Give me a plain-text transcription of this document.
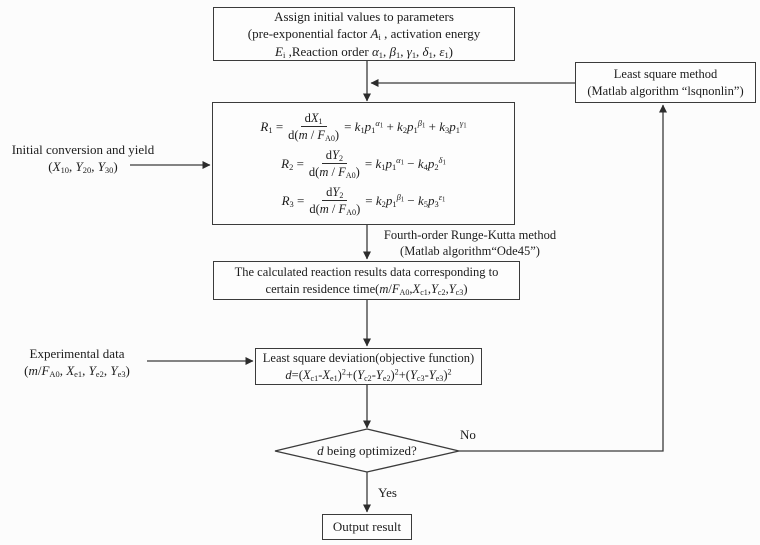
Assign initial values to parameters
(pre-exponential factor $A_i$ , activation energy
$E_i$ ,Reaction order $\alpha_1$, $\beta_1$, $\gamma_1$, $\delta_1$, $\varepsilon_1$)
Least square method
(Matlab algorithm “lsqnonlin”)
$R_1 = \frac{dX_1}{d(m / F_{A0})} = k_1p_1^{\alpha_1} + k_2p_1^{\beta_1} + k_3p_1^{\gamma_1}$
$R_2 = \frac{dY_2}{d(m / F_{A0})} = k_1p_1^{\alpha_1} - k_4p_2^{\delta_1}$
$R_3 = \frac{dY_2}{d(m / F_{A0})} = k_2p_1^{\beta_1} - k_5p_3^{\varepsilon_1}$
Fourth-order Runge-Kutta method
(Matlab algorithm“Ode45”)
Initial conversion and yield
($X_{10}$, $Y_{20}$, $Y_{30}$)
The calculated reaction results data corresponding to
certain residence $time(m/F_{A0},X_{c1},Y_{c2},Y_{c3})$
Experimental data
($m/F_{A0}$, $X_{e1}$, $Y_{e2}$, $Y_{e3}$)
Least square deviation(objective function)
$d=(X_{c1}-X_{e1})^2+(Y_{c2}-Y_{e2})^2+(Y_{c3}-Y_{e3})^2$
d being optimized?
No
Yes
Output result
